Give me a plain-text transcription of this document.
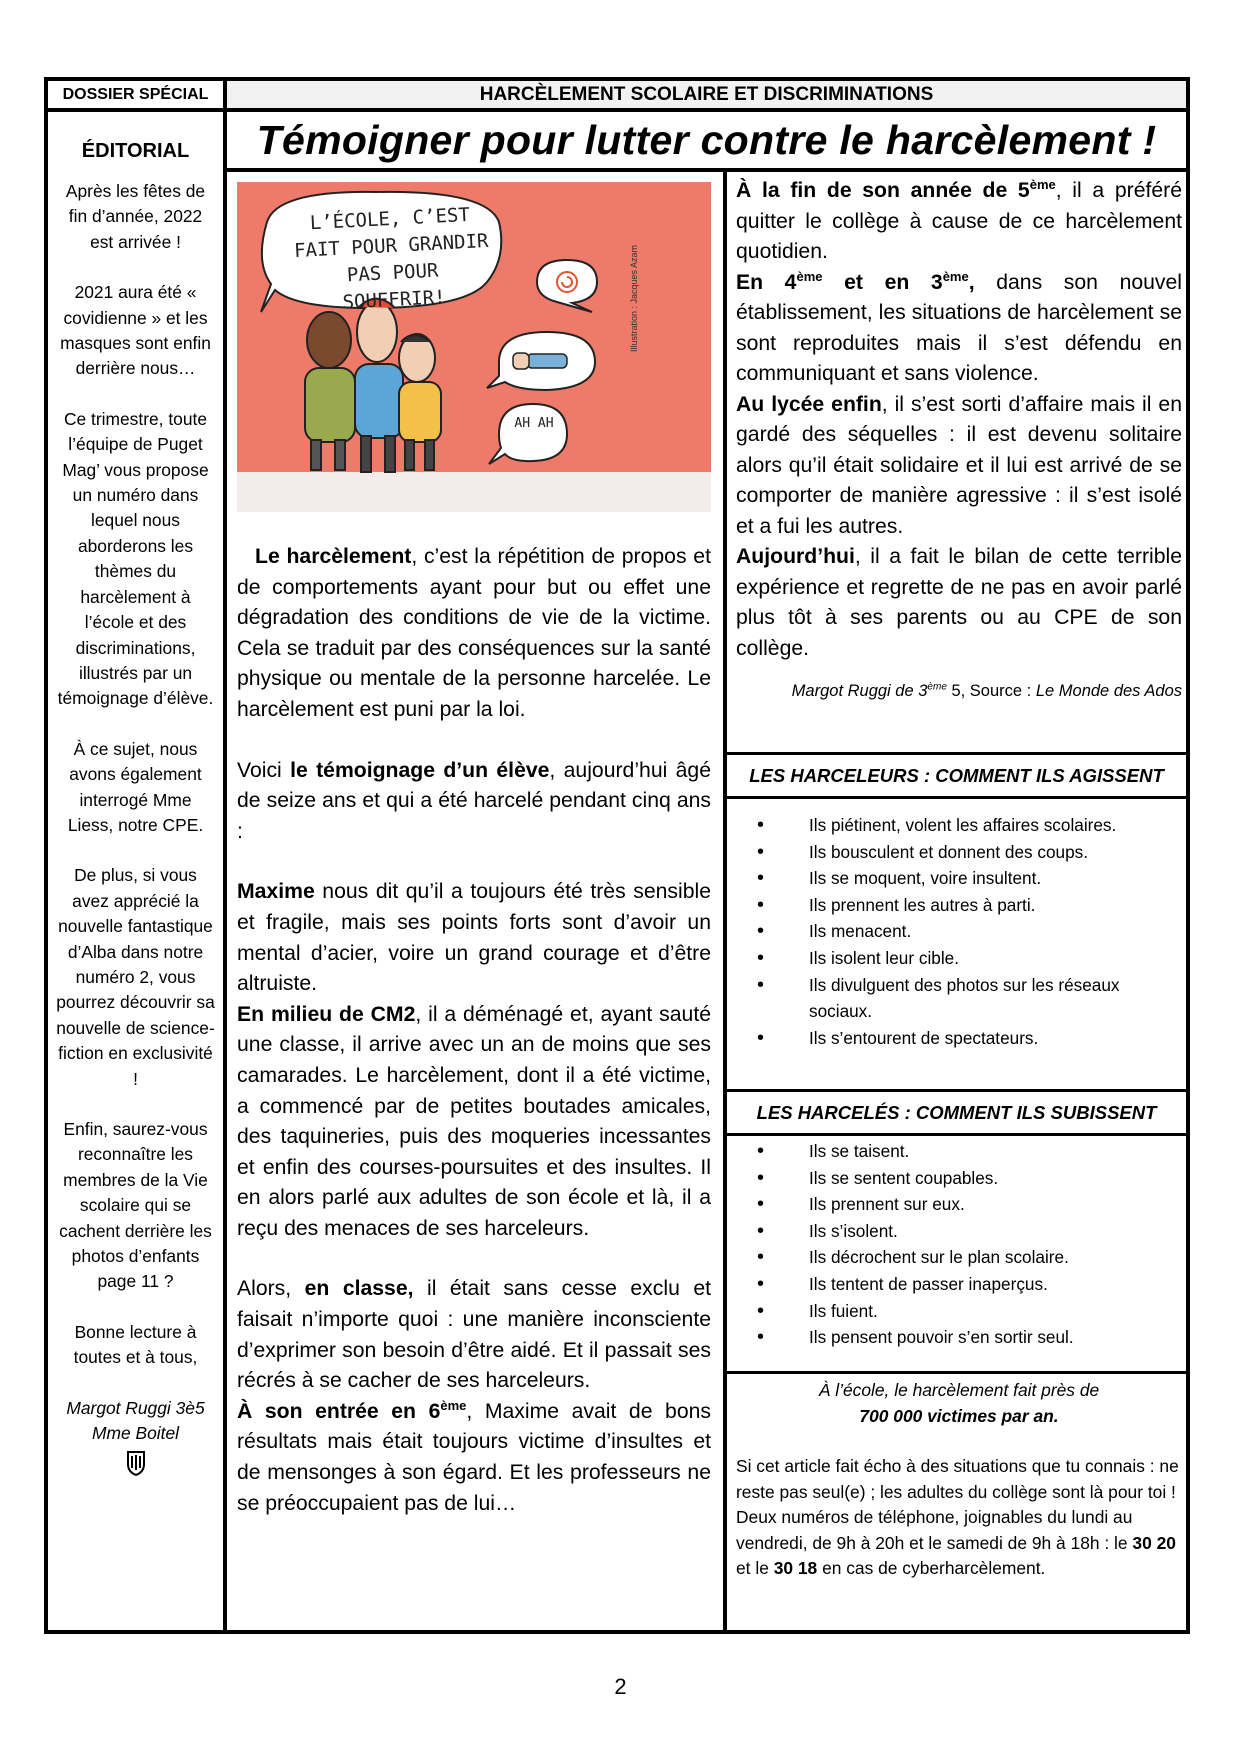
DOSSIER SPÉCIAL	HARCÈLEMENT SCOLAIRE ET DISCRIMINATIONS
Témoigner pour lutter contre le harcèlement !
ÉDITORIAL

Après les fêtes de fin d’année, 2022 est arrivée !

2021 aura été « covidienne » et les masques sont enfin derrière nous…

Ce trimestre, toute l’équipe de Puget Mag’ vous propose un numéro dans lequel nous aborderons les thèmes du harcèlement à l’école et des discriminations, illustrés par un témoignage d’élève.

À ce sujet, nous avons également interrogé Mme Liess, notre CPE.

De plus, si vous avez apprécié la nouvelle fantastique d’Alba dans notre numéro 2, vous pourrez découvrir sa nouvelle de science-fiction en exclusivité !

Enfin, saurez-vous reconnaître les membres de la Vie scolaire qui se cachent derrière les photos d’enfants page 11 ?

Bonne lecture à toutes et à tous,

Margot Ruggi 3è5

Mme Boitel

L’ÉCOLE, C’EST
FAIT POUR GRANDIR
PAS POUR SOUFFRIR!
AH AH
Illustration : Jacques Azam

Le harcèlement, c’est la répétition de propos et de comportements ayant pour but ou effet une dégradation des conditions de vie de la victime. Cela se traduit par des conséquences sur la santé physique ou mentale de la personne harcelée. Le harcèlement est puni par la loi.

Voici le témoignage d’un élève, aujourd’hui âgé de seize ans et qui a été harcelé pendant cinq ans :

Maxime nous dit qu’il a toujours été très sensible et fragile, mais ses points forts sont d’avoir un mental d’acier, voire un grand courage et d’être altruiste.

En milieu de CM2, il a déménagé et, ayant sauté une classe, il arrive avec un an de moins que ses camarades. Le harcèlement, dont il a été victime, a commencé par de petites boutades amicales, des taquineries, puis des moqueries incessantes et enfin des courses-poursuites et des insultes. Il en alors parlé aux adultes de son école et là, il a reçu des menaces de ses harceleurs.

Alors, en classe, il était sans cesse exclu et faisait n’importe quoi : une manière inconsciente d’exprimer son besoin d’être aidé. Et il passait ses récrés à se cacher de ses harceleurs.

À son entrée en 6ème, Maxime avait de bons résultats mais était toujours victime d’insultes et de mensonges à son égard. Et les professeurs ne se préoccupaient pas de lui…

À la fin de son année de 5ème, il a préféré quitter le collège à cause de ce harcèlement quotidien.

En 4ème et en 3ème, dans son nouvel établissement, les situations de harcèlement se sont reproduites mais il s’est défendu en communiquant et sans violence.

Au lycée enfin, il s’est sorti d’affaire mais il en gardé des séquelles : il est devenu solitaire alors qu’il était solidaire et il lui est arrivé de se comporter de manière agressive : il s’est isolé et a fui les autres.

Aujourd’hui, il a fait le bilan de cette terrible expérience et regrette de ne pas en avoir parlé plus tôt à ses parents ou au CPE de son collège.

Margot Ruggi de 3ème 5, Source : Le Monde des Ados
LES HARCELEURS : COMMENT ILS AGISSENT
• Ils piétinent, volent les affaires scolaires.
• Ils bousculent et donnent des coups.
• Ils se moquent, voire insultent.
• Ils prennent les autres à parti.
• Ils menacent.
• Ils isolent leur cible.
• Ils divulguent des photos sur les réseaux sociaux.
• Ils s’entourent de spectateurs.
LES HARCELÉS : COMMENT ILS SUBISSENT
• Ils se taisent.
• Ils se sentent coupables.
• Ils prennent sur eux.
• Ils s’isolent.
• Ils décrochent sur le plan scolaire.
• Ils tentent de passer inaperçus.
• Ils fuient.
• Ils pensent pouvoir s’en sortir seul.
À l’école, le harcèlement fait près de
700 000 victimes par an.
Si cet article fait écho à des situations que tu connais : ne reste pas seul(e) ; les adultes du collège sont là pour toi !
Deux numéros de téléphone, joignables du lundi au vendredi, de 9h à 20h et le samedi de 9h à 18h : le 30 20 et le 30 18 en cas de cyberharcèlement.
2
